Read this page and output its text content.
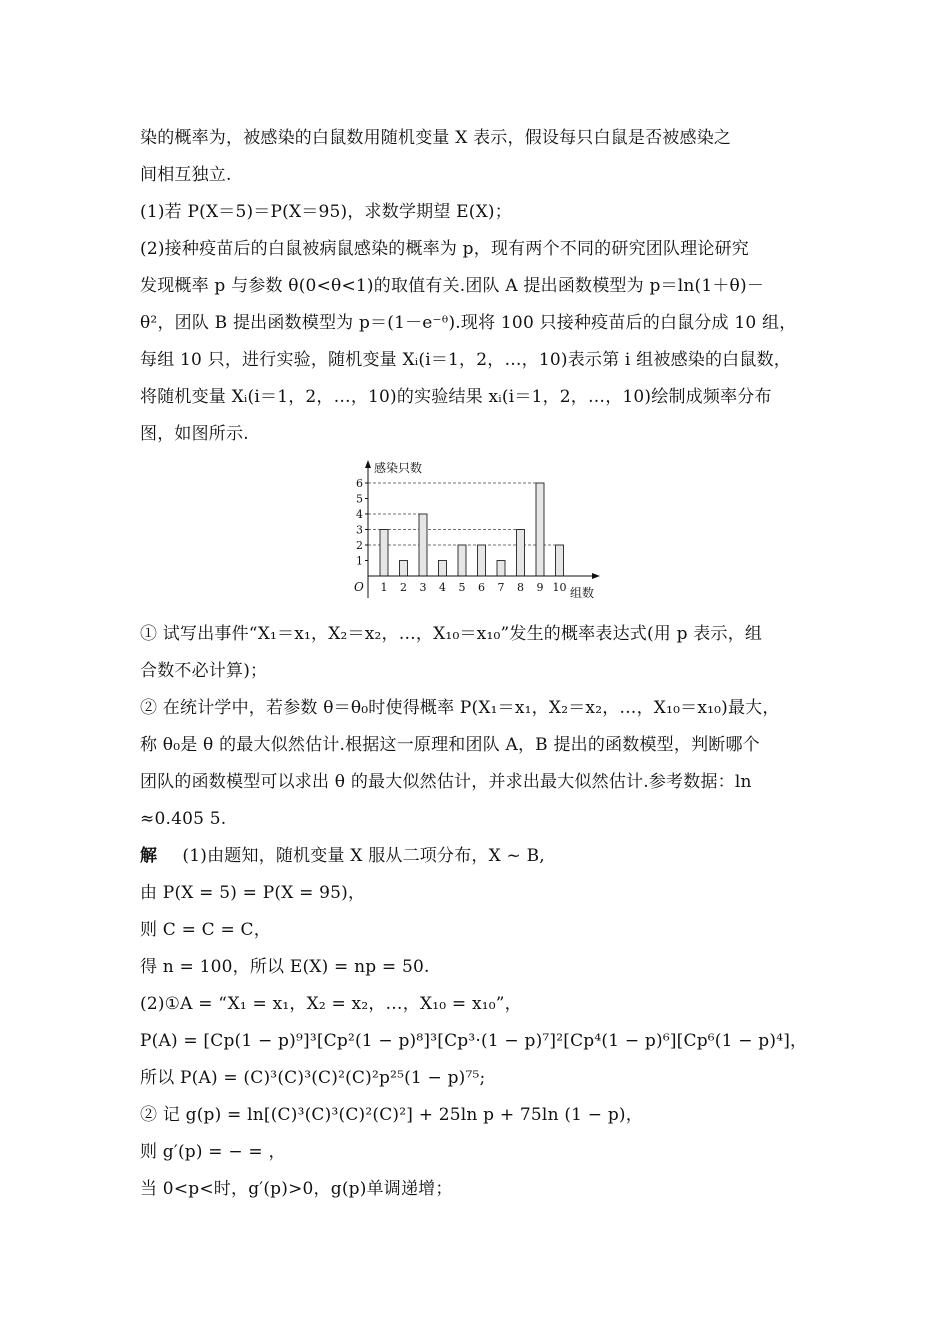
染的概率为，被感染的白鼠数用随机变量 X 表示，假设每只白鼠是否被感染之
间相互独立.
(1)若 P(X＝5)＝P(X＝95)，求数学期望 E(X)；
(2)接种疫苗后的白鼠被病鼠感染的概率为 p，现有两个不同的研究团队理论研究
发现概率 p 与参数 θ(0<θ<1)的取值有关.团队 A 提出函数模型为 p＝ln(1＋θ)－
θ²，团队 B 提出函数模型为 p＝(1－e⁻ᶿ).现将 100 只接种疫苗后的白鼠分成 10 组，
每组 10 只，进行实验，随机变量 Xᵢ(i＝1，2，…，10)表示第 i 组被感染的白鼠数，
将随机变量 Xᵢ(i＝1，2，…，10)的实验结果 xᵢ(i＝1，2，…，10)绘制成频率分布
图，如图所示.
感染只数
组数
O
1
2
3
4
5
6
1 2 3 4 5 6 7 8 9 10
① 试写出事件“X₁＝x₁，X₂＝x₂，…，X₁₀＝x₁₀”发生的概率表达式(用 p 表示，组
合数不必计算)；
② 在统计学中，若参数 θ＝θ₀时使得概率 P(X₁＝x₁，X₂＝x₂，…，X₁₀＝x₁₀)最大，
称 θ₀是 θ 的最大似然估计.根据这一原理和团队 A，B 提出的函数模型，判断哪个
团队的函数模型可以求出 θ 的最大似然估计，并求出最大似然估计.参考数据：ln
≈0.405 5.
解 (1)由题知，随机变量 X 服从二项分布，X ~ B,
由 P(X = 5) = P(X = 95)，
则 C = C = C，
得 n = 100，所以 E(X) = np = 50.
(2)①A = “X₁ = x₁，X₂ = x₂，…，X₁₀ = x₁₀”，
P(A) = [Cp(1 − p)⁹]³[Cp²(1 − p)⁸]³[Cp³·(1 − p)⁷]²[Cp⁴(1 − p)⁶][Cp⁶(1 − p)⁴]，
所以 P(A) = (C)³(C)³(C)²(C)²p²⁵(1 − p)⁷⁵;
② 记 g(p) = ln[(C)³(C)³(C)²(C)²] + 25ln p + 75ln (1 − p)，
则 g′(p) = − = ，
当 0<p<时，g′(p)>0，g(p)单调递增；
